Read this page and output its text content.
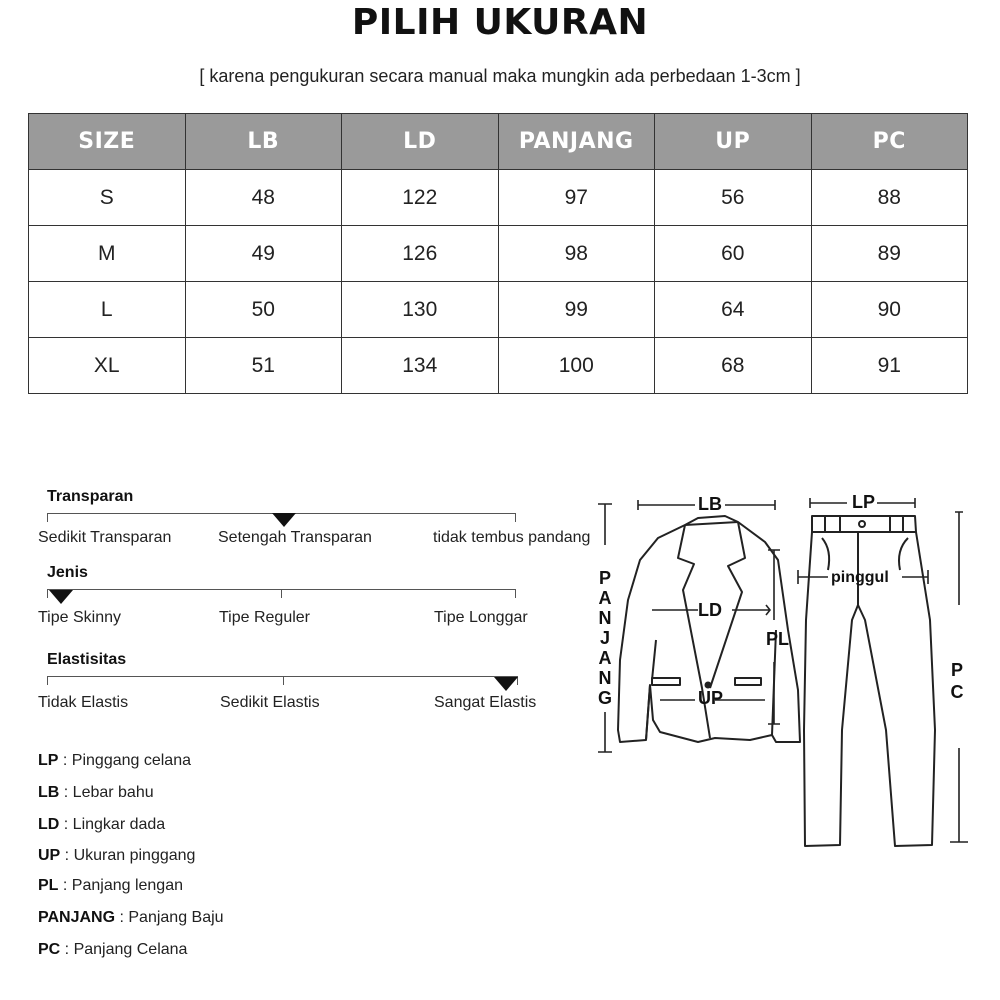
PILIH UKURAN
[ karena pengukuran secara manual maka mungkin ada perbedaan 1-3cm ]
SIZE	LB	LD	PANJANG	UP	PC
S	48	122	97	56	88
M	49	126	98	60	89
L	50	130	99	64	90
XL	51	134	100	68	91
Transparan
Sedikit Transparan	Setengah Transparan	tidak tembus pandang
Jenis
Tipe Skinny	Tipe Reguler	Tipe Longgar
Elastisitas
Tidak Elastis	Sedikit Elastis	Sangat Elastis
LP : Pinggang celana
LB : Lebar bahu
LD : Lingkar dada
UP : Ukuran pinggang
PL : Panjang lengan
PANJANG : Panjang Baju
PC : Panjang Celana
LB	LP
LD
UP
PL
pinggul
P
A
N
J
A
N
G
P
C
